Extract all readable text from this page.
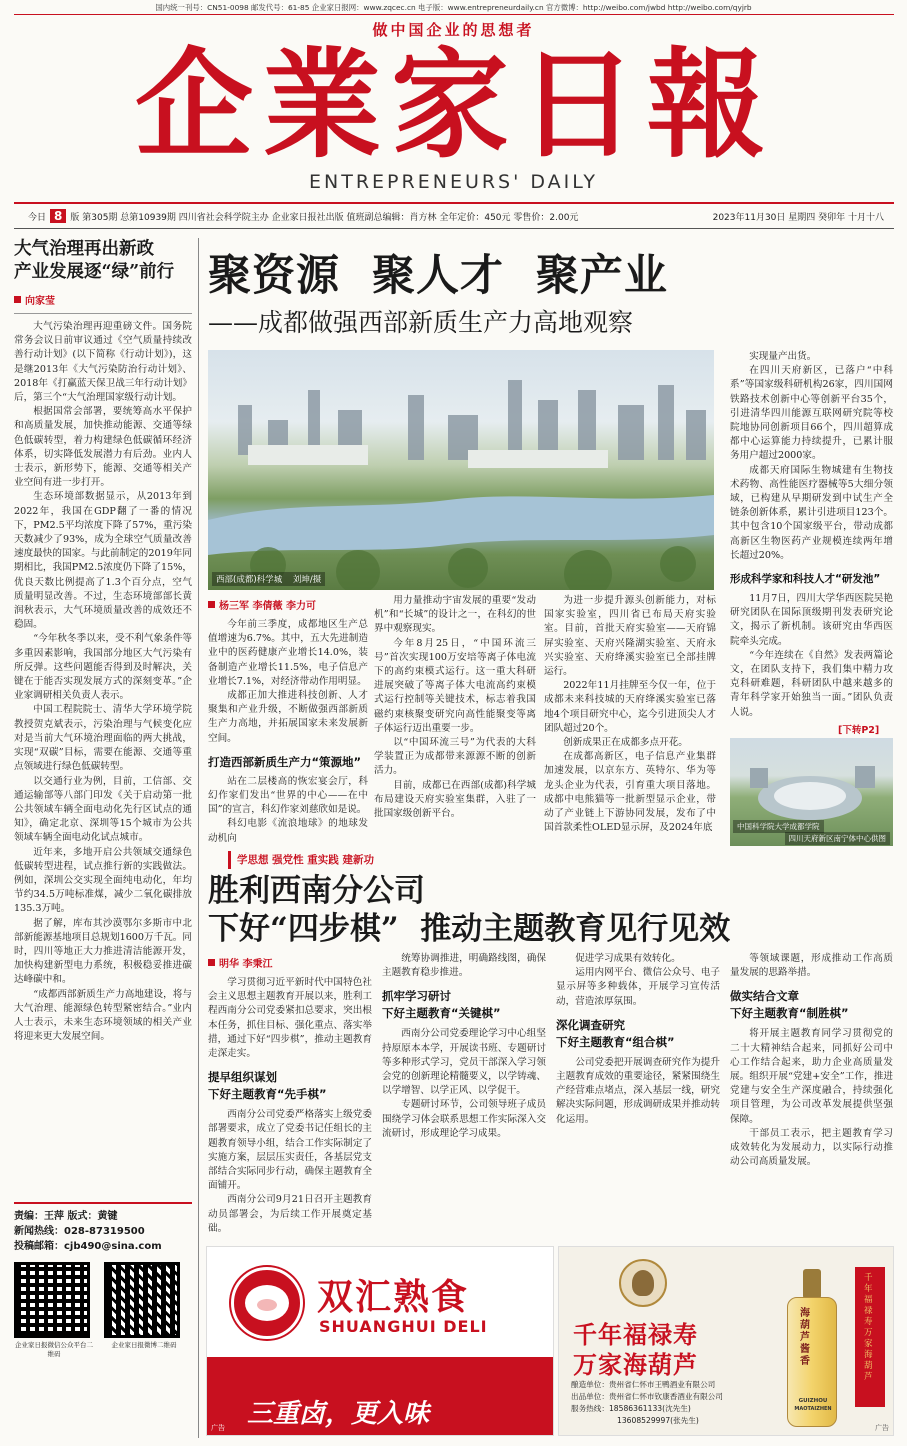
国内统一刊号：CN51-0098 邮发代号：61-85 企业家日报网：www.zqcec.cn 电子版：www.entrepreneurdaily.cn 官方微博：http://weibo.com/jwbd http://weibo.com/qyjrb
做中国企业的思想者
企業家日報
ENTREPRENEURS' DAILY
今日 8 版 第305期 总第10939期 四川省社会科学院主办 企业家日报社出版 值班副总编辑：肖方林 全年定价：450元 零售价：2.00元	2023年11月30日 星期四 癸卯年 十月十八
大气治理再出新政
产业发展逐“绿”前行
向家莹

大气污染治理再迎重磅文件。国务院常务会议日前审议通过《空气质量持续改善行动计划》(以下简称《行动计划》)，这是继2013年《大气污染防治行动计划》、2018年《打赢蓝天保卫战三年行动计划》后，第三个“大气治理国家级行动计划。

根据国常会部署，要统筹高水平保护和高质量发展，加快推动能源、交通等绿色低碳转型，着力构建绿色低碳循环经济体系，切实降低发展潜力有后劲。业内人士表示，新形势下，能源、交通等相关产业空间有进一步打开。

生态环境部数据显示，从2013年到2022年，我国在GDP翻了一番的情况下，PM2.5平均浓度下降了57%，重污染天数减少了93%，成为全球空气质量改善速度最快的国家。与此前制定的2019年同期相比，我国PM2.5浓度仍下降了15%，优良天数比例提高了1.3个百分点，空气质量明显改善。不过，生态环境部部长黄润秋表示，大气环境质量改善的成效还不稳固。

“今年秋冬季以来，受不利气象条件等多重因素影响，我国部分地区大气污染有所反弹。这些问题能否得到及时解决，关键在于能否实现发展方式的深刻变革。”企业家调研相关负责人表示。

中国工程院院士、清华大学环境学院教授贺克斌表示，污染治理与气候变化应对是当前大气环境治理面临的两大挑战，实现“双碳”目标，需要在能源、交通等重点领域进行绿色低碳转型。

以交通行业为例，目前，工信部、交通运输部等八部门印发《关于启动第一批公共领域车辆全面电动化先行区试点的通知》，确定北京、深圳等15个城市为公共领域车辆全面电动化试点城市。

近年来，多地开启公共领域交通绿色低碳转型进程，试点推行新的实践做法。例如，深圳公交实现全面纯电动化，年均节约34.5万吨标准煤，减少二氧化碳排放135.3万吨。

据了解，库布其沙漠鄂尔多斯市中北部新能源基地项目总规划1600万千瓦。同时，四川等地正大力推进清洁能源开发，加快构建新型电力系统，积极稳妥推进碳达峰碳中和。

“成都西部新质生产力高地建设，将与大气治理、能源绿色转型紧密结合。”业内人士表示，未来生态环境领域的相关产业将迎来更大发展空间。

责编：王萍 版式：黄键
新闻热线：028-87319500
投稿邮箱：cjb490@sina.com
企业家日报微信公众平台二维码
企业家日报微博二维码
聚资源  聚人才  聚产业
——成都做强西部新质生产力高地观察
西部(成都)科学城 刘坤/摄
杨三军 李倩薇 李力可

今年前三季度，成都地区生产总值增速为6.7%。其中，五大先进制造业中的医药健康产业增长14.0%，装备制造产业增长11.5%，电子信息产业增长7.1%，对经济带动作用明显。

成都正加大推进科技创新、人才聚集和产业升级，不断做强西部新质生产力高地，并拓展国家未来发展新空间。

打造西部新质生产力“策源地”

站在二层楼高的恢宏宴会厅，科幻作家们发出“世界的中心——在中国”的宣言，科幻作家刘慈欣如是说。

科幻电影《流浪地球》的地球发动机向

用力量推动宇宙发展的重要“发动机”和“长城”的设计之一，在科幻的世界中观察现实。

今年8月25日，“中国环流三号”首次实现100万安培等离子体电流下的高约束模式运行。这一重大科研进展突破了等离子体大电流高约束模式运行控制等关键技术，标志着我国磁约束核聚变研究向高性能聚变等离子体运行迈出重要一步。

以“中国环流三号”为代表的大科学装置正为成都带来源源不断的创新活力。

目前，成都已在西部(成都)科学城布局建设天府实验室集群，入驻了一批国家级创新平台。

为进一步提升源头创新能力，对标国家实验室，四川省已布局天府实验室。目前，首批天府实验室——天府锦屏实验室、天府兴隆湖实验室、天府永兴实验室、天府绛溪实验室已全部挂牌运行。

2022年11月挂牌至今仅一年，位于成都未来科技城的天府绛溪实验室已落地4个项目研究中心，迄今引进顶尖人才团队超过20个。

创新成果正在成都多点开花。

在成都高新区，电子信息产业集群加速发展，以京东方、英特尔、华为等龙头企业为代表，引育重大项目落地。成都中电熊猫等一批新型显示企业，带动了产业链上下游协同发展，发布了中国首款柔性OLED显示屏，及2024年底

实现量产出货。

在四川天府新区，已落户“中科系”等国家级科研机构26家，四川国网铁路技术创新中心等创新平台35个，引进清华四川能源互联网研究院等校院地协同创新项目66个，四川超算成都中心运算能力持续提升，已累计服务用户超过2000家。

成都天府国际生物城建有生物技术药物、高性能医疗器械等5大细分领域，已构建从早期研发到中试生产全链条创新体系，累计引进项目123个。其中包含10个国家级平台，带动成都高新区生物医药产业规模连续两年增长超过20%。

形成科学家和科技人才“研发池”

11月7日，四川大学华西医院吴艳研究团队在国际顶级期刊发表研究论文，揭示了新机制。该研究由华西医院牵头完成。

“今年连续在《自然》发表两篇论文，在团队支持下，我们集中精力攻克科研难题，科研团队中越来越多的青年科学家开始独当一面。”团队负责人说。

[下转P2]
中国科学院大学成都学院
四川天府新区南宁体中心供图
学思想 强党性 重实践 建新功
胜利西南分公司
下好“四步棋”  推动主题教育见行见效
明华 李秉江

学习贯彻习近平新时代中国特色社会主义思想主题教育开展以来，胜利工程西南分公司党委紧扣总要求，突出根本任务，抓住目标、强化重点、落实举措，通过下好“四步棋”，推动主题教育走深走实。

提早组织谋划
下好主题教育“先手棋”

西南分公司党委严格落实上级党委部署要求，成立了党委书记任组长的主题教育领导小组，结合工作实际制定了实施方案，层层压实责任，各基层党支部结合实际同步行动，确保主题教育全面铺开。

西南分公司9月21日召开主题教育动员部署会，为后续工作开展奠定基础。

统筹协调推进，明确路线图，确保主题教育稳步推进。

抓牢学习研讨
下好主题教育“关键棋”

西南分公司党委理论学习中心组坚持原原本本学，开展读书班、专题研讨等多种形式学习，党员干部深入学习领会党的创新理论精髓要义，以学铸魂、以学增智、以学正风、以学促干。

专题研讨环节，公司领导班子成员围绕学习体会联系思想工作实际深入交流研讨，形成理论学习成果。

促进学习成果有效转化。

运用内网平台、微信公众号、电子显示屏等多种载体，开展学习宣传活动，营造浓厚氛围。

深化调查研究
下好主题教育“组合棋”

公司党委把开展调查研究作为提升主题教育成效的重要途径，紧紧围绕生产经营难点堵点，深入基层一线，研究解决实际问题，形成调研成果并推动转化运用。

等领域课题，形成推动工作高质量发展的思路举措。

做实结合文章
下好主题教育“制胜棋”

将开展主题教育同学习贯彻党的二十大精神结合起来，同抓好公司中心工作结合起来，助力企业高质量发展。组织开展“党建+安全”工作，推进党建与安全生产深度融合，持续强化项目管理，为公司改革发展提供坚强保障。

干部员工表示，把主题教育学习成效转化为发展动力，以实际行动推动公司高质量发展。

双汇熟食
SHUANGHUI DELI
三重卤，更入味
广告
千年福禄寿
万家海葫芦
酿造单位：贵州省仁怀市王鸭酒业有限公司
出品单位：贵州省仁怀市钦康香酒业有限公司
服务热线：18586361133(沈先生)
13608529997(张先生)
海葫芦酱香
GUIZHOU
MAOTAIZHEN
千年福禄寿 万家海葫芦
广告
